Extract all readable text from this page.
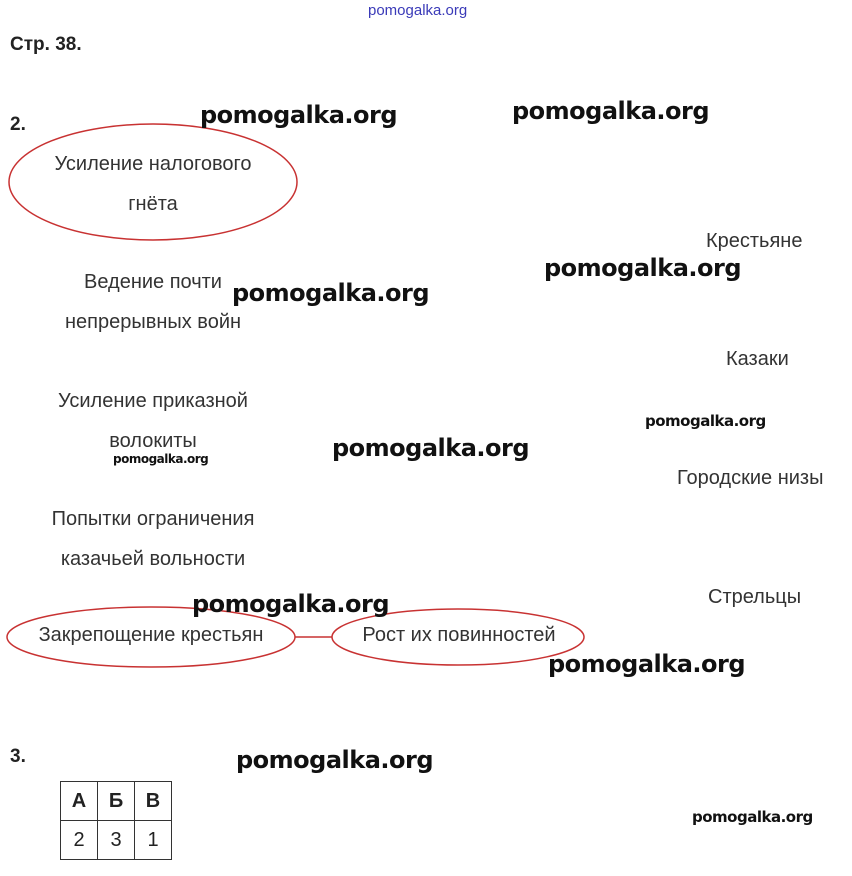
pomogalka.org
Стр. 38.
2.
Усиление налогового
гнёта
Ведение почти
непрерывных войн
Усиление приказной
волокиты
Попытки ограничения
казачьей вольности
Закрепощение крестьян	Рост их повинностей
Крестьяне
Казаки
Городские низы
Стрельцы
3.
А	Б	В
2	3	1
pomogalka.org	pomogalka.org
pomogalka.org
pomogalka.org
pomogalka.org
pomogalka.org
pomogalka.org
pomogalka.org
pomogalka.org
pomogalka.org
pomogalka.org
